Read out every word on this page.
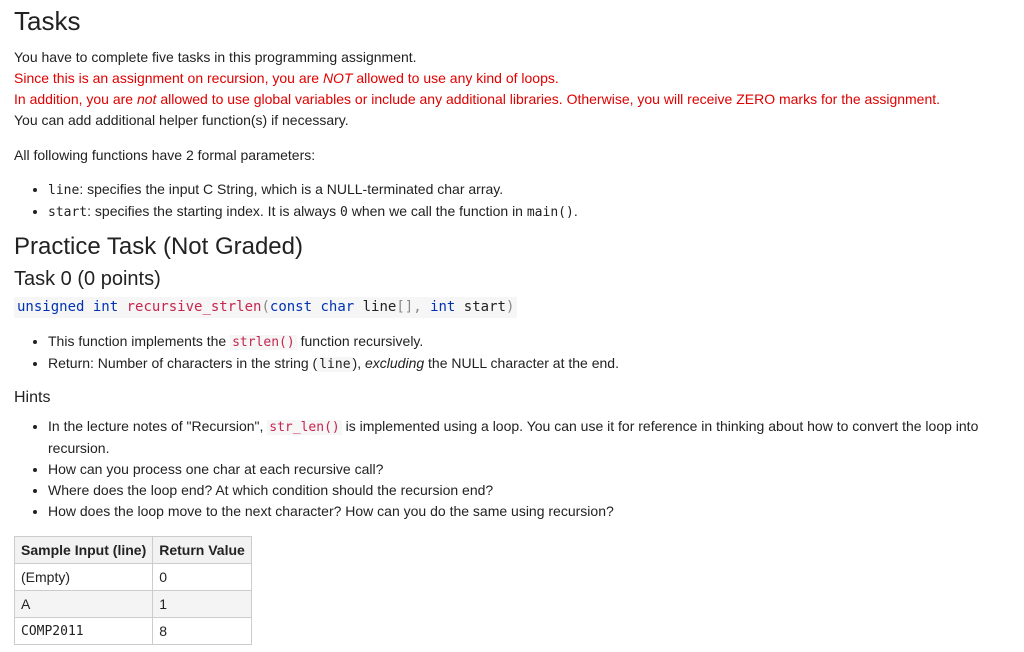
Tasks

You have to complete five tasks in this programming assignment.

Since this is an assignment on recursion, you are NOT allowed to use any kind of loops.

In addition, you are not allowed to use global variables or include any additional libraries. Otherwise, you will receive ZERO marks for the assignment.

You can add additional helper function(s) if necessary.

All following functions have 2 formal parameters:

• line: specifies the input C String, which is a NULL-terminated char array.
• start: specifies the starting index. It is always 0 when we call the function in main().
Practice Task (Not Graded)
Task 0 (0 points)
unsigned int recursive_strlen(const char line[], int start)
• This function implements the strlen() function recursively.
• Return: Number of characters in the string ( line ), excluding the NULL character at the end.
Hints
• In the lecture notes of "Recursion", str_len() is implemented using a loop. You can use it for reference in thinking about how to convert the loop into recursion.
• How can you process one char at each recursive call?
• Where does the loop end? At which condition should the recursion end?
• How does the loop move to the next character? How can you do the same using recursion?
Sample Input (line)	Return Value
(Empty)	0
A	1
COMP2011	8
